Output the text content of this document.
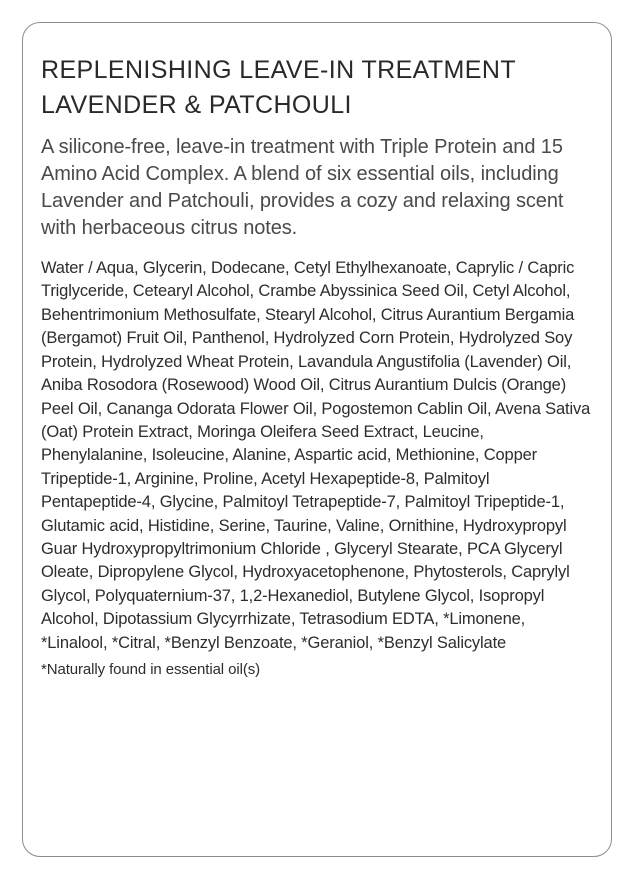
REPLENISHING LEAVE-IN TREATMENT
LAVENDER & PATCHOULI

A silicone-free, leave-in treatment with Triple Protein and 15 Amino Acid Complex. A blend of six essential oils, including Lavender and Patchouli, provides a cozy and relaxing scent with herbaceous citrus notes.

Water / Aqua, Glycerin, Dodecane, Cetyl Ethylhexanoate, Caprylic / Capric Triglyceride, Cetearyl Alcohol, Crambe Abyssinica Seed Oil, Cetyl Alcohol, Behentrimonium Methosulfate, Stearyl Alcohol, Citrus Aurantium Bergamia (Bergamot) Fruit Oil, Panthenol, Hydrolyzed Corn Protein, Hydrolyzed Soy Protein, Hydrolyzed Wheat Protein, Lavandula Angustifolia (Lavender) Oil, Aniba Rosodora (Rosewood) Wood Oil, Citrus Aurantium Dulcis (Orange) Peel Oil, Cananga Odorata Flower Oil, Pogostemon Cablin Oil, Avena Sativa (Oat) Protein Extract, Moringa Oleifera Seed Extract, Leucine, Phenylalanine, Isoleucine, Alanine, Aspartic acid, Methionine, Copper Tripeptide-1, Arginine, Proline, Acetyl Hexapeptide-8, Palmitoyl Pentapeptide-4, Glycine, Palmitoyl Tetrapeptide-7, Palmitoyl Tripeptide-1, Glutamic acid, Histidine, Serine, Taurine, Valine, Ornithine, Hydroxypropyl Guar Hydroxypropyltrimonium Chloride , Glyceryl Stearate, PCA Glyceryl Oleate, Dipropylene Glycol, Hydroxyacetophenone, Phytosterols, Caprylyl Glycol, Polyquaternium-37, 1,2-Hexanediol, Butylene Glycol, Isopropyl Alcohol, Dipotassium Glycyrrhizate, Tetrasodium EDTA, *Limonene, *Linalool, *Citral, *Benzyl Benzoate, *Geraniol, *Benzyl Salicylate

*Naturally found in essential oil(s)
